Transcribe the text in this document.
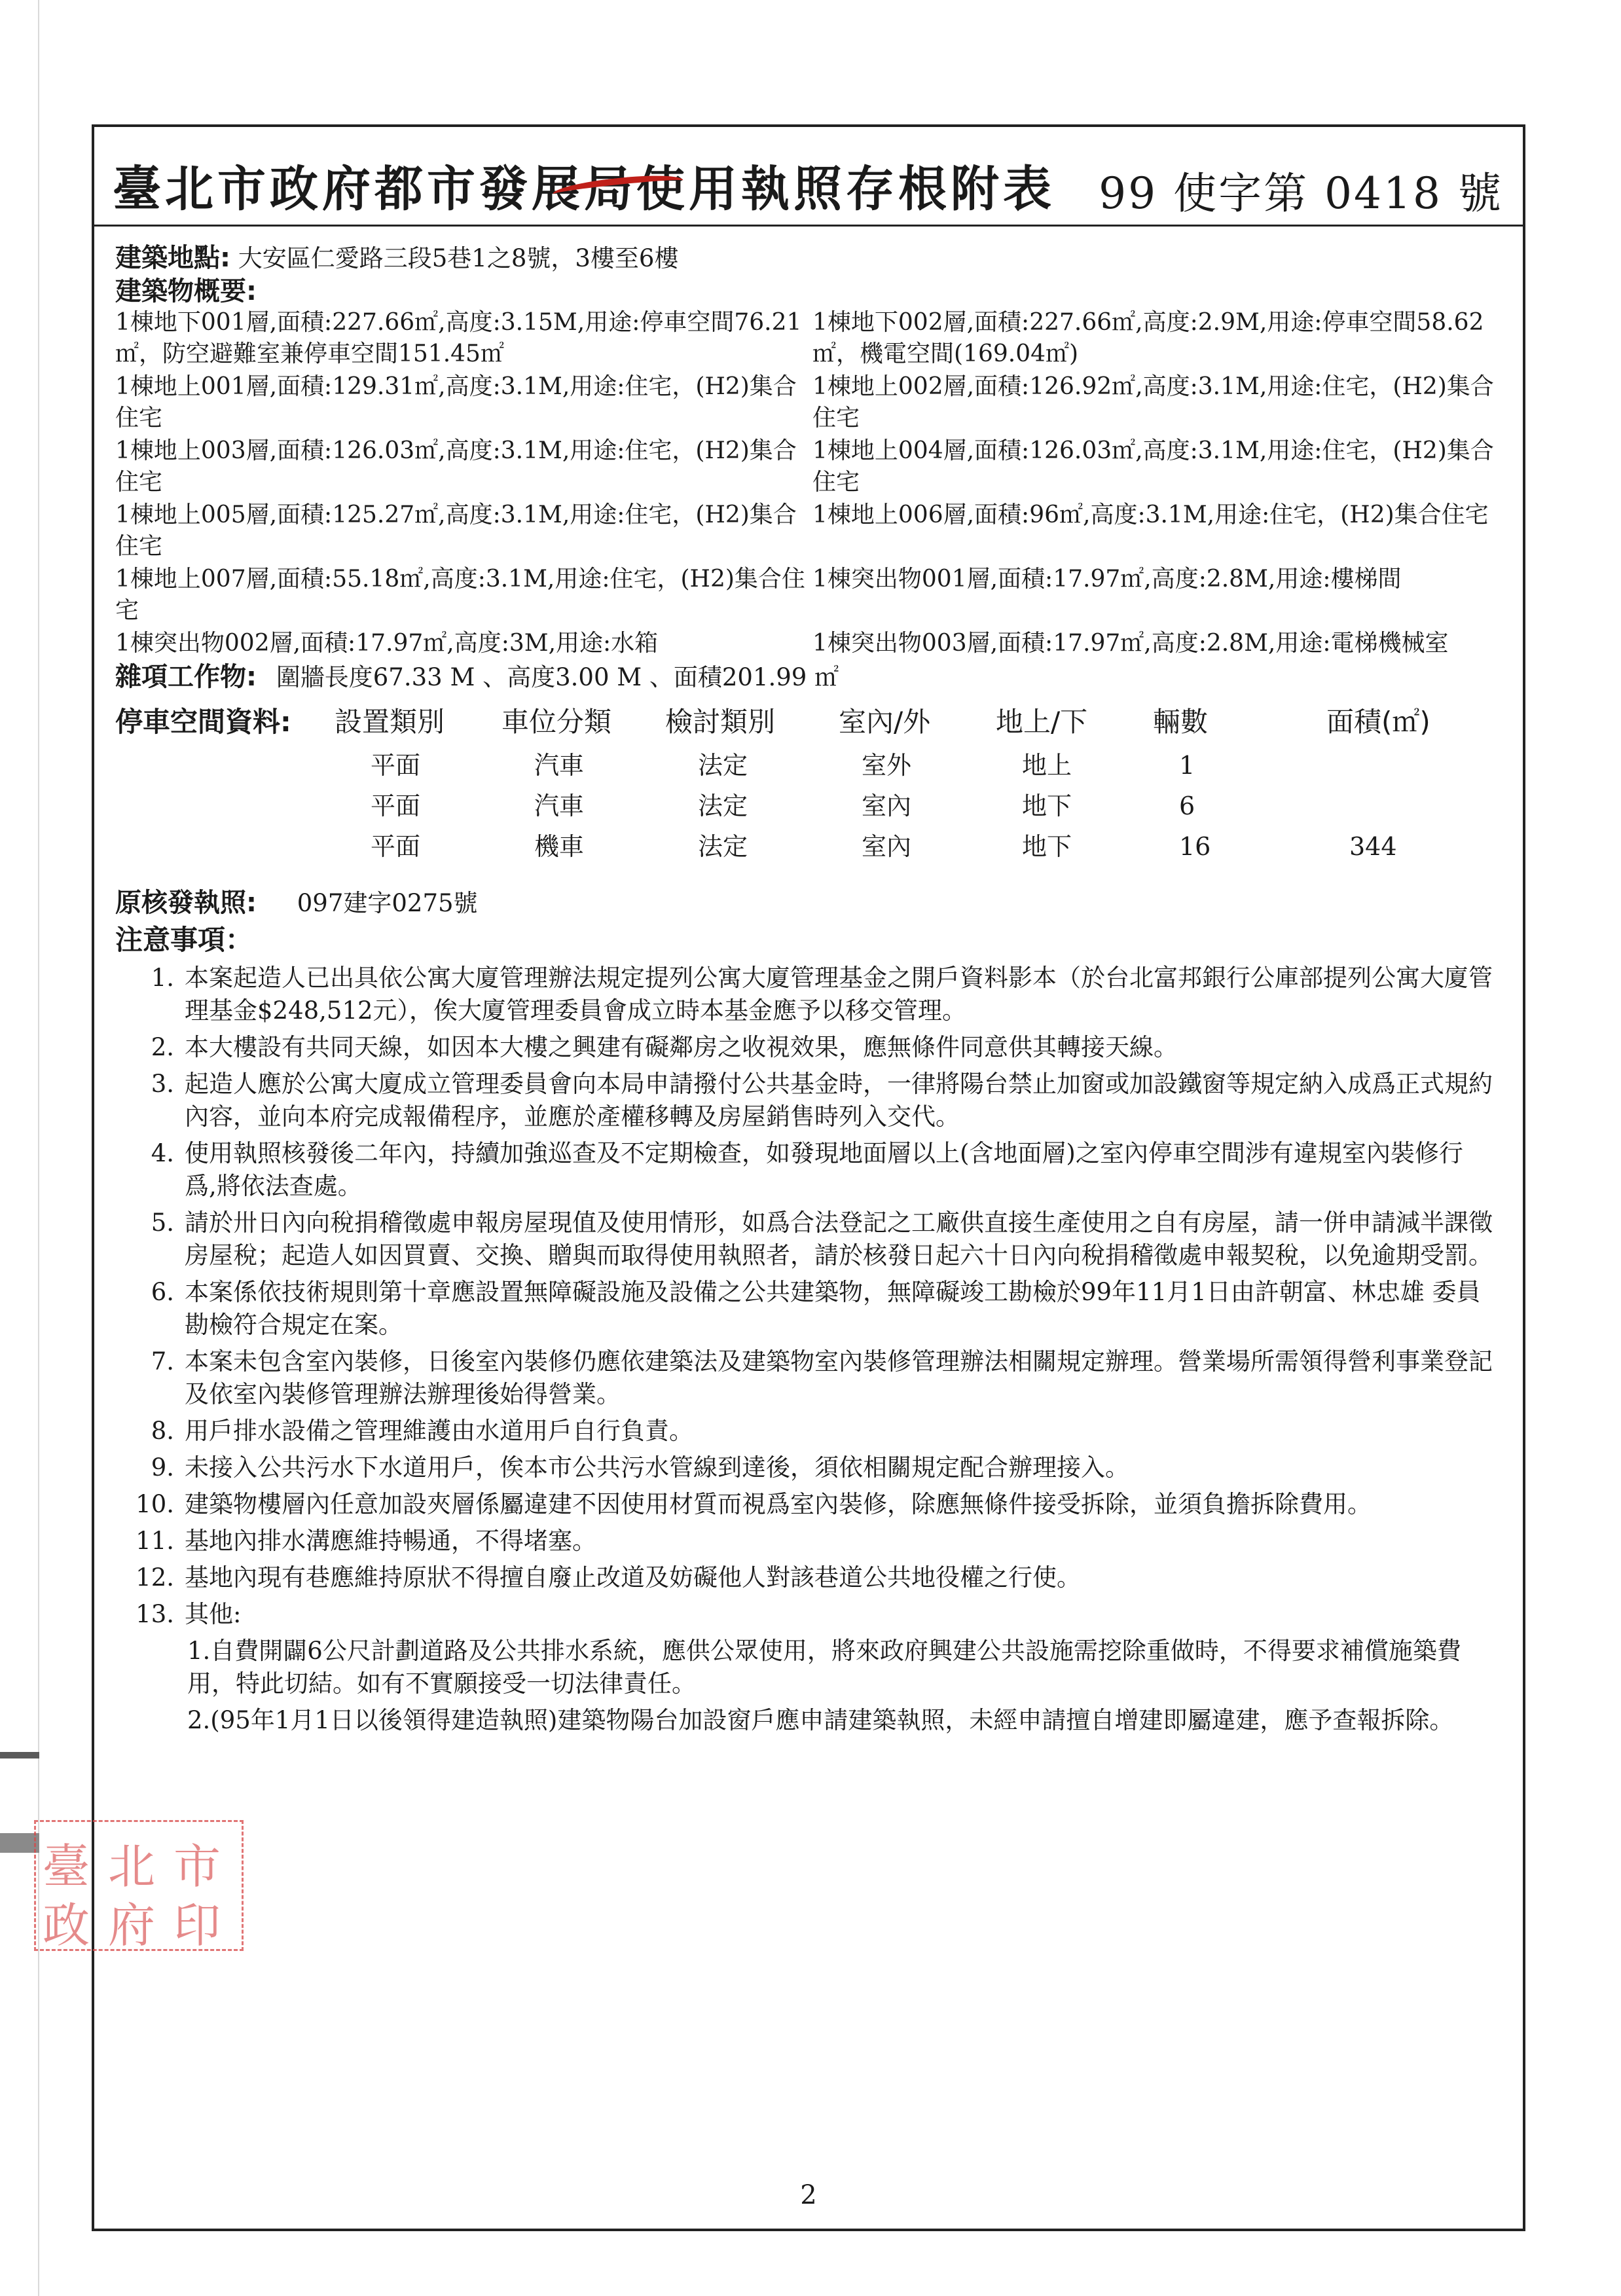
臺北市政府都市發展局使用執照存根附表 99 使字第 0418 號
建築地點: 大安區仁愛路三段5巷1之8號，3樓至6樓
建築物概要:
1棟地下001層,面積:227.66㎡,高度:3.15M,用途:停車空間76.21㎡，防空避難室兼停車空間151.45㎡
1棟地下002層,面積:227.66㎡,高度:2.9M,用途:停車空間58.62㎡，機電空間(169.04㎡)
1棟地上001層,面積:129.31㎡,高度:3.1M,用途:住宅，(H2)集合住宅
1棟地上002層,面積:126.92㎡,高度:3.1M,用途:住宅，(H2)集合住宅
1棟地上003層,面積:126.03㎡,高度:3.1M,用途:住宅，(H2)集合住宅
1棟地上004層,面積:126.03㎡,高度:3.1M,用途:住宅，(H2)集合住宅
1棟地上005層,面積:125.27㎡,高度:3.1M,用途:住宅，(H2)集合住宅
1棟地上006層,面積:96㎡,高度:3.1M,用途:住宅，(H2)集合住宅
1棟地上007層,面積:55.18㎡,高度:3.1M,用途:住宅，(H2)集合住宅
1棟突出物001層,面積:17.97㎡,高度:2.8M,用途:樓梯間
1棟突出物002層,面積:17.97㎡,高度:3M,用途:水箱	1棟突出物003層,面積:17.97㎡,高度:2.8M,用途:電梯機械室
雜項工作物: 圍牆長度67.33 M 、高度3.00 M 、面積201.99 ㎡
停車空間資料:	設置類別 車位分類 檢討類別 室內/外 地上/下 輛數	面積(㎡)
平面	汽車	法定	室外	地上	1
平面	汽車	法定	室內	地下	6
平面	機車	法定	室內	地下	16	344
原核發執照: 097建字0275號
注意事項：
1. 本案起造人已出具依公寓大廈管理辦法規定提列公寓大廈管理基金之開戶資料影本（於台北富邦銀行公庫部提列公寓大廈管理基金$248,512元），俟大廈管理委員會成立時本基金應予以移交管理。
2. 本大樓設有共同天線，如因本大樓之興建有礙鄰房之收視效果，應無條件同意供其轉接天線。
3. 起造人應於公寓大廈成立管理委員會向本局申請撥付公共基金時，一律將陽台禁止加窗或加設鐵窗等規定納入成爲正式規約內容，並向本府完成報備程序，並應於產權移轉及房屋銷售時列入交代。
4. 使用執照核發後二年內，持續加強巡查及不定期檢查，如發現地面層以上(含地面層)之室內停車空間涉有違規室內裝修行爲,將依法查處。
5. 請於卅日內向稅捐稽徵處申報房屋現值及使用情形，如爲合法登記之工廠供直接生產使用之自有房屋，請一併申請減半課徵房屋稅；起造人如因買賣、交換、贈與而取得使用執照者，請於核發日起六十日內向稅捐稽徵處申報契稅，以免逾期受罰。
6. 本案係依技術規則第十章應設置無障礙設施及設備之公共建築物，無障礙竣工勘檢於99年11月1日由許朝富、林忠雄 委員勘檢符合規定在案。
7. 本案未包含室內裝修，日後室內裝修仍應依建築法及建築物室內裝修管理辦法相關規定辦理。營業場所需領得營利事業登記及依室內裝修管理辦法辦理後始得營業。
8. 用戶排水設備之管理維護由水道用戶自行負責。
9. 未接入公共污水下水道用戶，俟本市公共污水管線到達後，須依相關規定配合辦理接入。
10. 建築物樓層內任意加設夾層係屬違建不因使用材質而視爲室內裝修，除應無條件接受拆除，並須負擔拆除費用。
11. 基地內排水溝應維持暢通，不得堵塞。
12. 基地內現有巷應維持原狀不得擅自廢止改道及妨礙他人對該巷道公共地役權之行使。
13. 其他:
1.自費開闢6公尺計劃道路及公共排水系統，應供公眾使用，將來政府興建公共設施需挖除重做時，不得要求補償施築費用，特此切結。如有不實願接受一切法律責任。
2.(95年1月1日以後領得建造執照)建築物陽台加設窗戶應申請建築執照，未經申請擅自增建即屬違建，應予查報拆除。
2
臺 北 市
政 府 印
